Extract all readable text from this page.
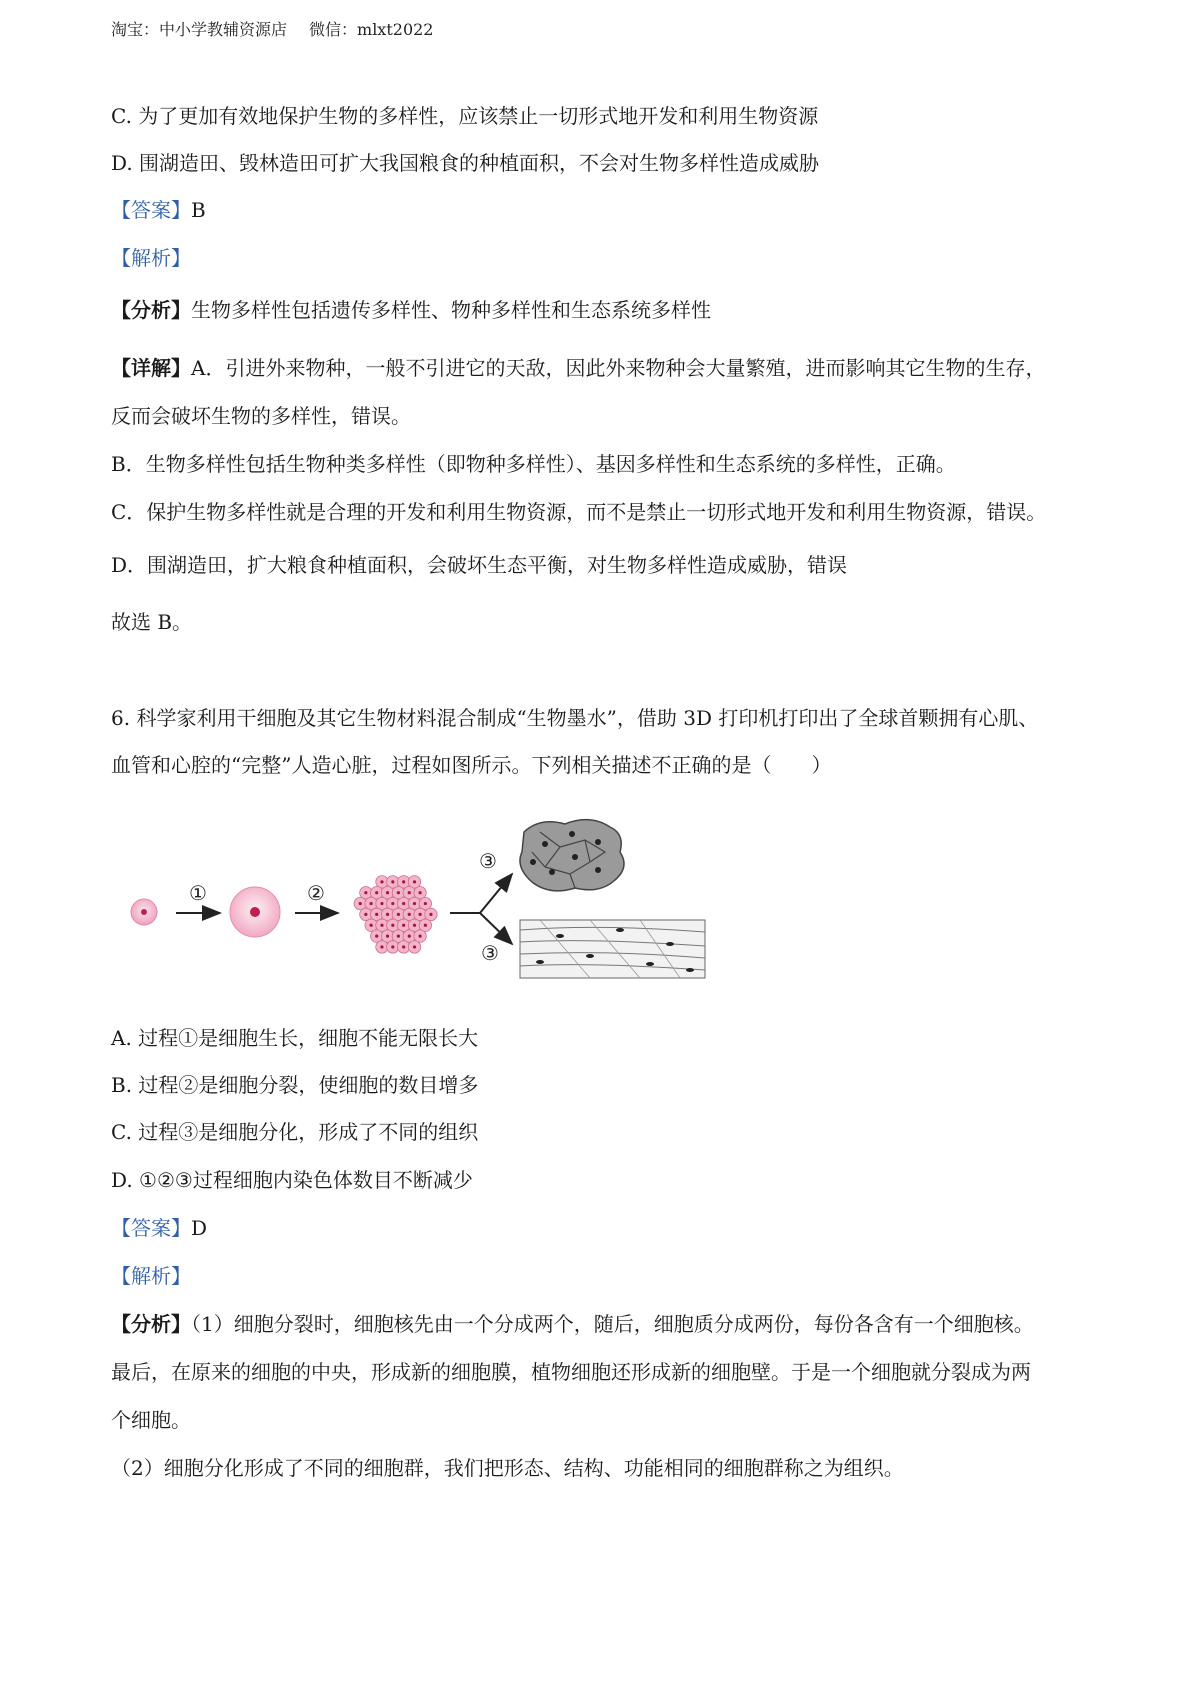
淘宝：中小学教辅资源店 微信：mlxt2022

C. 为了更加有效地保护生物的多样性，应该禁止一切形式地开发和利用生物资源

D. 围湖造田、毁林造田可扩大我国粮食的种植面积，不会对生物多样性造成威胁

【答案】B

【解析】

【分析】生物多样性包括遗传多样性、物种多样性和生态系统多样性

【详解】A．引进外来物种，一般不引进它的天敌，因此外来物种会大量繁殖，进而影响其它生物的生存，

反而会破坏生物的多样性，错误。

B．生物多样性包括生物种类多样性（即物种多样性）、基因多样性和生态系统的多样性，正确。

C．保护生物多样性就是合理的开发和利用生物资源，而不是禁止一切形式地开发和利用生物资源，错误。

D．围湖造田，扩大粮食种植面积，会破坏生态平衡，对生物多样性造成威胁，错误

故选 B。

6. 科学家利用干细胞及其它生物材料混合制成“生物墨水”，借助 3D 打印机打印出了全球首颗拥有心肌、

血管和心腔的“完整”人造心脏，过程如图所示。下列相关描述不正确的是（　　）

①	②
③
③

A. 过程①是细胞生长，细胞不能无限长大

B. 过程②是细胞分裂，使细胞的数目增多

C. 过程③是细胞分化，形成了不同的组织

D. ①②③过程细胞内染色体数目不断减少

【答案】D

【解析】

【分析】（1）细胞分裂时，细胞核先由一个分成两个，随后，细胞质分成两份，每份各含有一个细胞核。

最后，在原来的细胞的中央，形成新的细胞膜，植物细胞还形成新的细胞壁。于是一个细胞就分裂成为两

个细胞。

（2）细胞分化形成了不同的细胞群，我们把形态、结构、功能相同的细胞群称之为组织。
